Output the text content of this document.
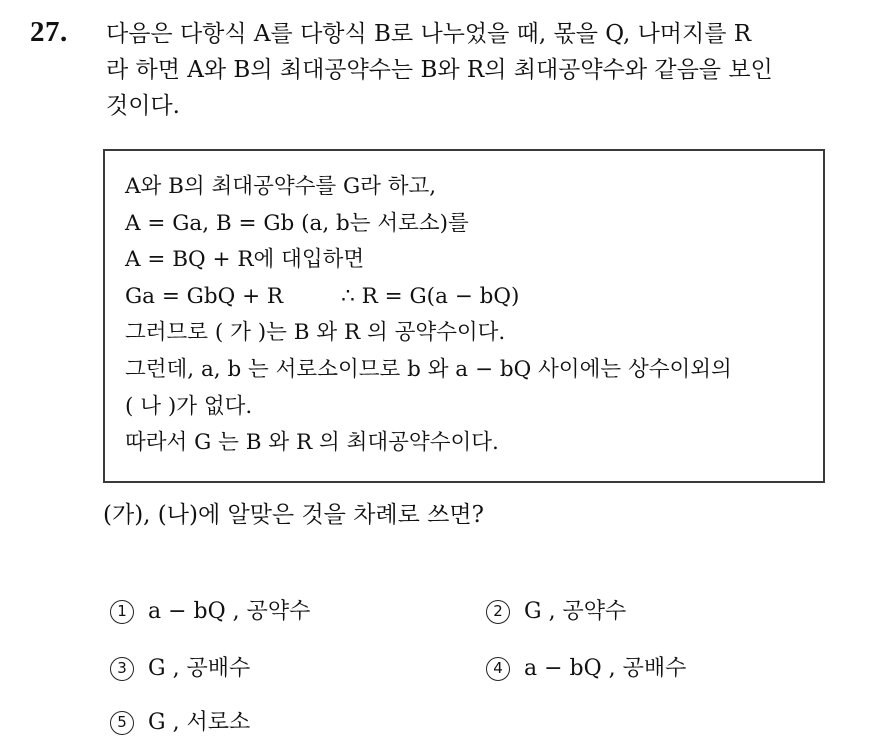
27. 다음은 다항식 A를 다항식 B로 나누었을 때, 몫을 Q, 나머지를 R
라 하면 A와 B의 최대공약수는 B와 R의 최대공약수와 같음을 보인
것이다.
A와 B의 최대공약수를 G라 하고,
A = Ga, B = Gb (a, b는 서로소)를
A = BQ + R에 대입하면
Ga = GbQ + R	∴ R = G(a − bQ)
그러므로 ( 가 )는 B 와 R 의 공약수이다.
그런데, a, b 는 서로소이므로 b 와 a − bQ 사이에는 상수이외의
( 나 )가 없다.
따라서 G 는 B 와 R 의 최대공약수이다.
(가), (나)에 알맞은 것을 차례로 쓰면?
1 a − bQ , 공약수	2 G , 공약수
3 G , 공배수	4 a − bQ , 공배수
5 G , 서로소
